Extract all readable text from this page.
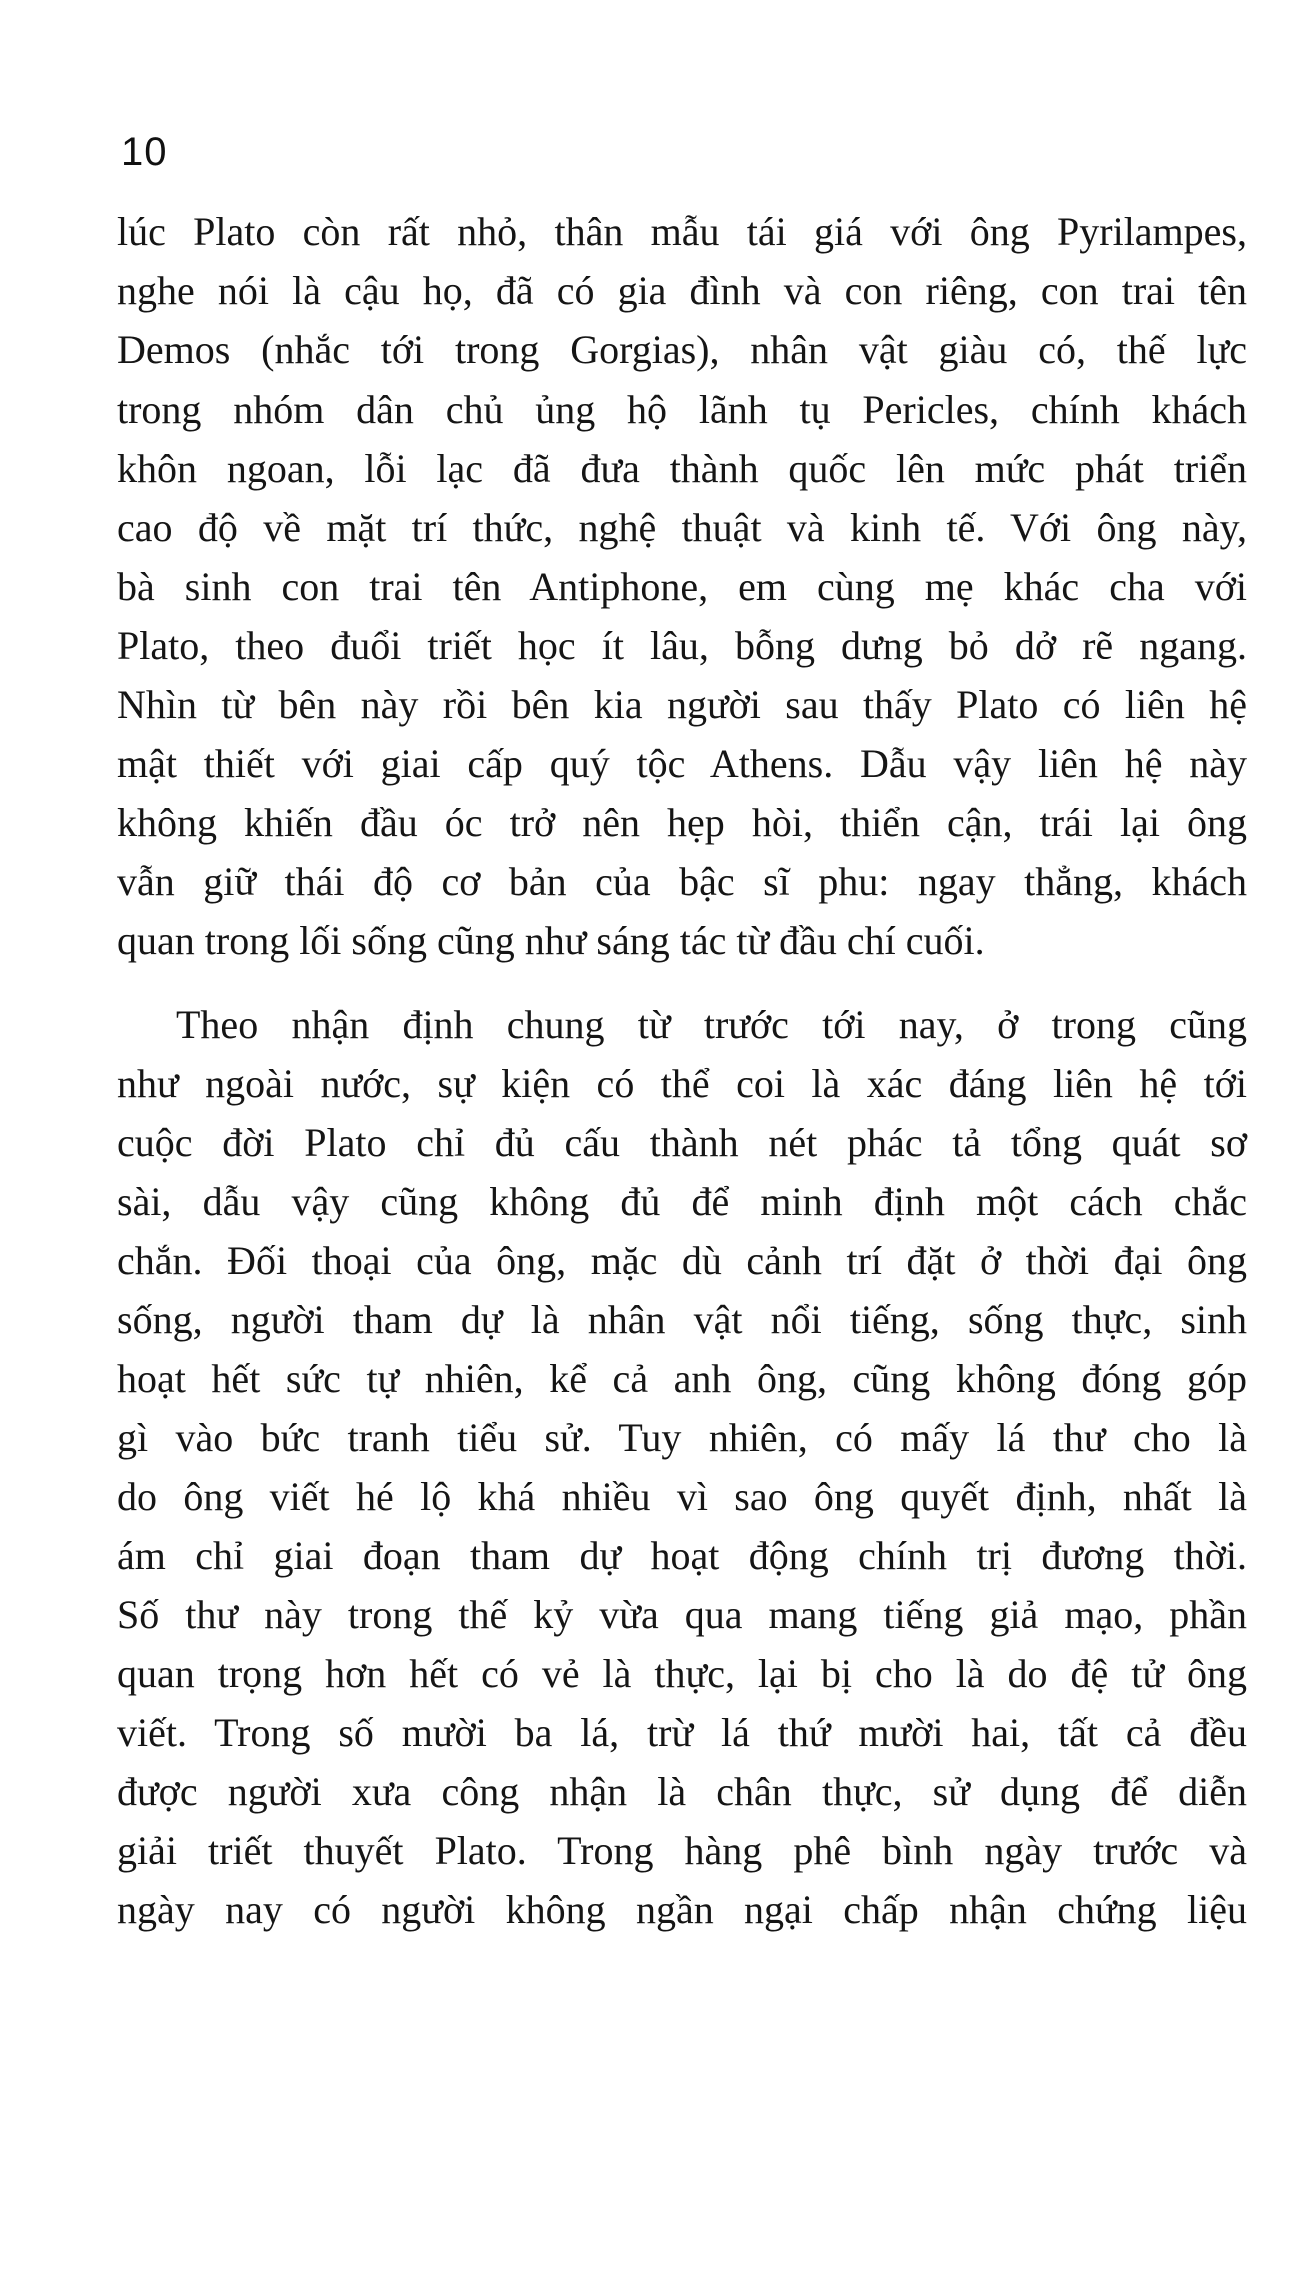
10
lúc Plato còn rất nhỏ, thân mẫu tái giá với ông Pyrilampes,
nghe nói là cậu họ, đã có gia đình và con riêng, con trai tên
Demos (nhắc tới trong Gorgias), nhân vật giàu có, thế lực
trong nhóm dân chủ ủng hộ lãnh tụ Pericles, chính khách
khôn ngoan, lỗi lạc đã đưa thành quốc lên mức phát triển
cao độ về mặt trí thức, nghệ thuật và kinh tế. Với ông này,
bà sinh con trai tên Antiphone, em cùng mẹ khác cha với
Plato, theo đuổi triết học ít lâu, bỗng dưng bỏ dở rẽ ngang.
Nhìn từ bên này rồi bên kia người sau thấy Plato có liên hệ
mật thiết với giai cấp quý tộc Athens. Dẫu vậy liên hệ này
không khiến đầu óc trở nên hẹp hòi, thiển cận, trái lại ông
vẫn giữ thái độ cơ bản của bậc sĩ phu: ngay thẳng, khách
quan trong lối sống cũng như sáng tác từ đầu chí cuối.
Theo nhận định chung từ trước tới nay, ở trong cũng
như ngoài nước, sự kiện có thể coi là xác đáng liên hệ tới
cuộc đời Plato chỉ đủ cấu thành nét phác tả tổng quát sơ
sài, dẫu vậy cũng không đủ để minh định một cách chắc
chắn. Đối thoại của ông, mặc dù cảnh trí đặt ở thời đại ông
sống, người tham dự là nhân vật nổi tiếng, sống thực, sinh
hoạt hết sức tự nhiên, kể cả anh ông, cũng không đóng góp
gì vào bức tranh tiểu sử. Tuy nhiên, có mấy lá thư cho là
do ông viết hé lộ khá nhiều vì sao ông quyết định, nhất là
ám chỉ giai đoạn tham dự hoạt động chính trị đương thời.
Số thư này trong thế kỷ vừa qua mang tiếng giả mạo, phần
quan trọng hơn hết có vẻ là thực, lại bị cho là do đệ tử ông
viết. Trong số mười ba lá, trừ lá thứ mười hai, tất cả đều
được người xưa công nhận là chân thực, sử dụng để diễn
giải triết thuyết Plato. Trong hàng phê bình ngày trước và
ngày nay có người không ngần ngại chấp nhận chứng liệu
